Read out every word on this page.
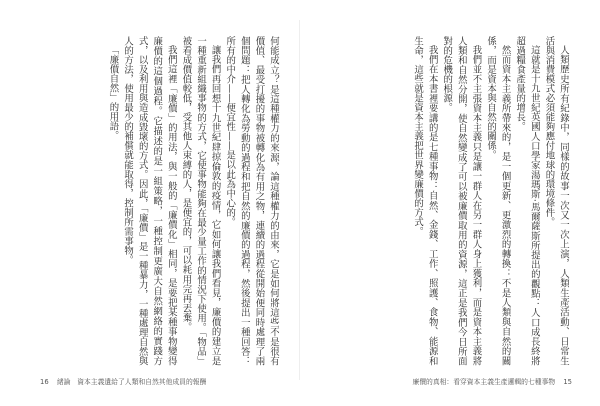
何能成立？是這種權力的來源，論這種權力的由來，它是如何將這些不是很有價值、最受打擾的事物被轉化為有用之物，連續的過程從開始便同時處理了兩個問題：把人轉化為勞動的過程和把自然的廉價的過程，然後提出一種回答：所有的中介——便宜性——是以此為中心的。

讓我們再回想十九世紀肆掠倫敦的疫情，它如何讓我們看見，廉價的建立是一種重新組織事物的方式，它使事物能夠在最少量工作的情況下使用。「物品」被看成價值較低，受其他人束縛的人，是便宜的，可以耗用完再丟棄。

我們這裡「廉價」的用法，與一般的「廉價化」相同，是要把某種事物變得廉價的這個過程。它描述的是一組策略，一種控制更廣大自然網絡的實踐方式，以及利用與造成毀壞的方式。因此，「廉價」是一種暴力，一種處理自然與人的方法，使用最少的補償就能取得，控制所需事物。

「廉價自然」的用語。

16 緒論　資本主義遺給了人類和自然其他成員的報酬

人類歷史所有紀錄中，同樣的故事一次又一次上演，人類生產活動、日常生活與消費模式必須能夠應付地球的環境條件。

這就是十九世紀英國人口學家湯瑪斯·馬爾薩斯所提出的觀點：人口成長終將超過糧食產量的增長。

然而資本主義所帶來的，是一個更新、更激烈的轉換：不是人類與自然的關係，而是資本與自然的關係。

我們並不主張資本主義只是讓一群人在另一群人身上獲利，而是資本主義將人類和自然分開，使自然變成了可以被廉價取用的資源，這正是我們今日所面對的危機的根源。

我們在本書裡要講的是七種事物：自然、金錢、工作、照護、食物、能源和生命，這些就是資本主義把世界變廉價的方式。

廉價的真相：看穿資本主義生產邏輯的七種事物 15
